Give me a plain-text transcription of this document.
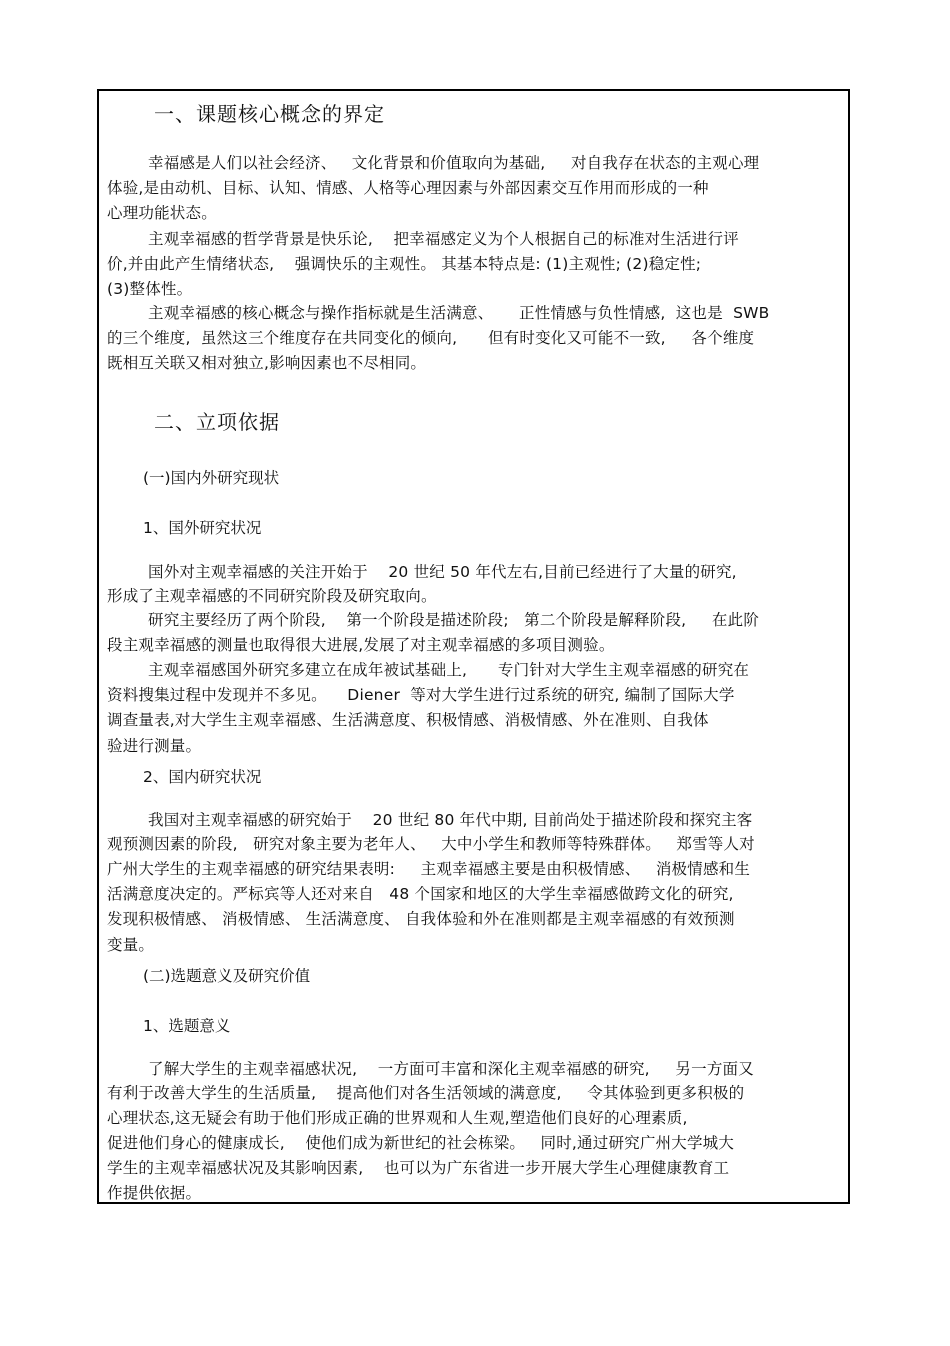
一、课题核心概念的界定
幸福感是人们以社会经济、   文化背景和价值取向为基础,     对自我存在状态的主观心理
体验,是由动机、目标、认知、情感、人格等心理因素与外部因素交互作用而形成的一种
心理功能状态。
主观幸福感的哲学背景是快乐论,    把幸福感定义为个人根据自己的标准对生活进行评
价,并由此产生情绪状态,    强调快乐的主观性。 其基本特点是: (1)主观性; (2)稳定性;
(3)整体性。
主观幸福感的核心概念与操作指标就是生活满意、     正性情感与负性情感,  这也是  SWB
的三个维度,  虽然这三个维度存在共同变化的倾向,      但有时变化又可能不一致,     各个维度
既相互关联又相对独立,影响因素也不尽相同。
二、立项依据
(一)国内外研究现状
1、国外研究状况
国外对主观幸福感的关注开始于    20 世纪 50 年代左右,目前已经进行了大量的研究,
形成了主观幸福感的不同研究阶段及研究取向。
研究主要经历了两个阶段,    第一个阶段是描述阶段;   第二个阶段是解释阶段,     在此阶
段主观幸福感的测量也取得很大进展,发展了对主观幸福感的多项目测验。
主观幸福感国外研究多建立在成年被试基础上,      专门针对大学生主观幸福感的研究在
资料搜集过程中发现并不多见。    Diener  等对大学生进行过系统的研究, 编制了国际大学
调查量表,对大学生主观幸福感、生活满意度、积极情感、消极情感、外在准则、自我体
验进行测量。
2、国内研究状况
我国对主观幸福感的研究始于    20 世纪 80 年代中期, 目前尚处于描述阶段和探究主客
观预测因素的阶段,   研究对象主要为老年人、   大中小学生和教师等特殊群体。   郑雪等人对
广州大学生的主观幸福感的研究结果表明:     主观幸福感主要是由积极情感、   消极情感和生
活满意度决定的。严标宾等人还对来自   48 个国家和地区的大学生幸福感做跨文化的研究,
发现积极情感、 消极情感、 生活满意度、 自我体验和外在准则都是主观幸福感的有效预测
变量。
(二)选题意义及研究价值
1、选题意义
了解大学生的主观幸福感状况,    一方面可丰富和深化主观幸福感的研究,     另一方面又
有利于改善大学生的生活质量,    提高他们对各生活领域的满意度,     令其体验到更多积极的
心理状态,这无疑会有助于他们形成正确的世界观和人生观,塑造他们良好的心理素质,
促进他们身心的健康成长,    使他们成为新世纪的社会栋梁。   同时,通过研究广州大学城大
学生的主观幸福感状况及其影响因素,    也可以为广东省进一步开展大学生心理健康教育工
作提供依据。
